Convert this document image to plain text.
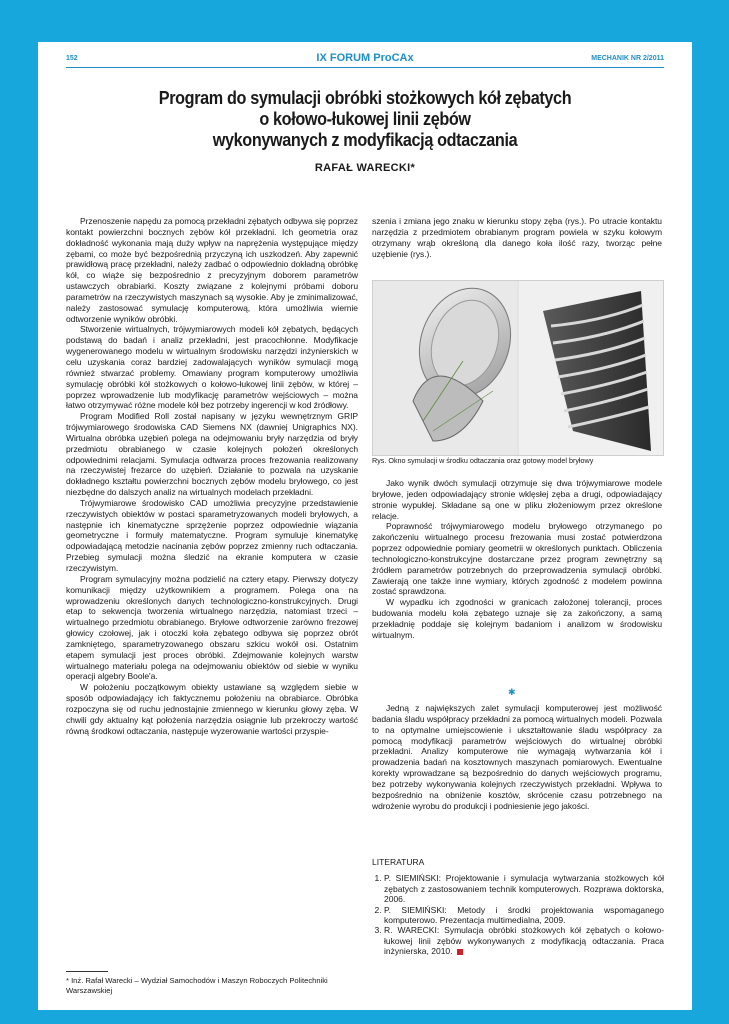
152	IX FORUM ProCAx	MECHANIK NR 2/2011
Program do symulacji obróbki stożkowych kół zębatych
o kołowo-łukowej linii zębów
wykonywanych z modyfikacją odtaczania
RAFAŁ WARECKI*

Przenoszenie napędu za pomocą przekładni zębatych odbywa się poprzez kontakt powierzchni bocznych zębów kół przekładni. Ich geometria oraz dokładność wykonania mają duży wpływ na naprężenia występujące między zębami, co może być bezpośrednią przyczyną ich uszkodzeń. Aby zapewnić prawidłową pracę przekładni, należy zadbać o odpowiednio dokładną obróbkę kół, co wiąże się bezpośrednio z precyzyjnym doborem parametrów ustawczych obrabiarki. Koszty związane z kolejnymi próbami doboru parametrów na rzeczywistych maszynach są wysokie. Aby je zminimalizować, należy zastosować symulację komputerową, która umożliwia wiernie odtworzenie wyników obróbki.

Stworzenie wirtualnych, trójwymiarowych modeli kół zębatych, będących podstawą do badań i analiz przekładni, jest pracochłonne. Modyfikacje wygenerowanego modelu w wirtualnym środowisku narzędzi inżynierskich w celu uzyskania coraz bardziej zadowalających wyników symulacji mogą również stwarzać problemy. Omawiany program komputerowy umożliwia symulację obróbki kół stożkowych o kołowo-łukowej linii zębów, w której – poprzez wprowadzenie lub modyfikację parametrów wejściowych – można łatwo otrzymywać różne modele kół bez potrzeby ingerencji w kod źródłowy.

Program Modified Roll został napisany w języku wewnętrznym GRIP trójwymiarowego środowiska CAD Siemens NX (dawniej Unigraphics NX). Wirtualna obróbka uzębień polega na odejmowaniu bryły narzędzia od bryły przedmiotu obrabianego w czasie kolejnych położeń określonych odpowiednimi relacjami. Symulacja odtwarza proces frezowania realizowany na rzeczywistej frezarce do uzębień. Działanie to pozwala na uzyskanie dokładnego kształtu powierzchni bocznych zębów modelu bryłowego, co jest niezbędne do dalszych analiz na wirtualnych modelach przekładni.

Trójwymiarowe środowisko CAD umożliwia precyzyjne przedstawienie rzeczywistych obiektów w postaci sparametryzowanych modeli bryłowych, a następnie ich kinematyczne sprzężenie poprzez odpowiednie wiązania geometryczne i formuły matematyczne. Program symuluje kinematykę odpowiadającą metodzie nacinania zębów poprzez zmienny ruch odtaczania. Przebieg symulacji można śledzić na ekranie komputera w czasie rzeczywistym.

Program symulacyjny można podzielić na cztery etapy. Pierwszy dotyczy komunikacji między użytkownikiem a programem. Polega ona na wprowadzeniu określonych danych technologiczno-konstrukcyjnych. Drugi etap to sekwencja tworzenia wirtualnego narzędzia, natomiast trzeci – wirtualnego przedmiotu obrabianego. Bryłowe odtworzenie zarówno frezowej głowicy czołowej, jak i otoczki koła zębatego odbywa się poprzez obrót zamkniętego, sparametryzowanego obszaru szkicu wokół osi. Ostatnim etapem symulacji jest proces obróbki. Zdejmowanie kolejnych warstw wirtualnego materiału polega na odejmowaniu obiektów od siebie w wyniku operacji algebry Boole'a.

W położeniu początkowym obiekty ustawiane są względem siebie w sposób odpowiadający ich faktycznemu położeniu na obrabiarce. Obróbka rozpoczyna się od ruchu jednostajnie zmiennego w kierunku głowy zęba. W chwili gdy aktualny kąt położenia narzędzia osiągnie lub przekroczy wartość równą środkowi odtaczania, następuje wyzerowanie wartości przyspie-

szenia i zmiana jego znaku w kierunku stopy zęba (rys.). Po utracie kontaktu narzędzia z przedmiotem obrabianym program powiela w szyku kołowym otrzymany wrąb określoną dla danego koła ilość razy, tworząc pełne uzębienie (rys.).

Rys. Okno symulacji w środku odtaczania oraz gotowy model bryłowy

Jako wynik dwóch symulacji otrzymuje się dwa trójwymiarowe modele bryłowe, jeden odpowiadający stronie wklęsłej zęba a drugi, odpowiadający stronie wypukłej. Składane są one w pliku złożeniowym przez określone relacje.

Poprawność trójwymiarowego modelu bryłowego otrzymanego po zakończeniu wirtualnego procesu frezowania musi zostać potwierdzona poprzez odpowiednie pomiary geometrii w określonych punktach. Obliczenia technologiczno-konstrukcyjne dostarczane przez program zewnętrzny są źródłem parametrów potrzebnych do przeprowadzenia symulacji obróbki. Zawierają one także inne wymiary, których zgodność z modelem powinna zostać sprawdzona.

W wypadku ich zgodności w granicach założonej tolerancji, proces budowania modelu koła zębatego uznaje się za zakończony, a samą przekładnię poddaje się kolejnym badaniom i analizom w środowisku wirtualnym.

✱

Jedną z największych zalet symulacji komputerowej jest możliwość badania śladu współpracy przekładni za pomocą wirtualnych modeli. Pozwala to na optymalne umiejscowienie i ukształtowanie śladu współpracy za pomocą modyfikacji parametrów wejściowych do wirtualnej obróbki przekładni. Analizy komputerowe nie wymagają wytwarzania kół i prowadzenia badań na kosztownych maszynach pomiarowych. Ewentualne korekty wprowadzane są bezpośrednio do danych wejściowych programu, bez potrzeby wykonywania kolejnych rzeczywistych przekładni. Wpływa to bezpośrednio na obniżenie kosztów, skrócenie czasu potrzebnego na wdrożenie wyrobu do produkcji i podniesienie jego jakości.

LITERATURA
1. P. SIEMIŃSKI: Projektowanie i symulacja wytwarzania stożkowych kół zębatych z zastosowaniem technik komputerowych. Rozprawa doktorska, 2006.
2. P. SIEMIŃSKI: Metody i środki projektowania wspomaganego komputerowo. Prezentacja multimedialna, 2009.
3. R. WARECKI: Symulacja obróbki stożkowych kół zębatych o kołowo-łukowej linii zębów wykonywanych z modyfikacją odtaczania. Praca inżynierska, 2010.
* Inż. Rafał Warecki – Wydział Samochodów i Maszyn Roboczych Politechniki Warszawskiej
